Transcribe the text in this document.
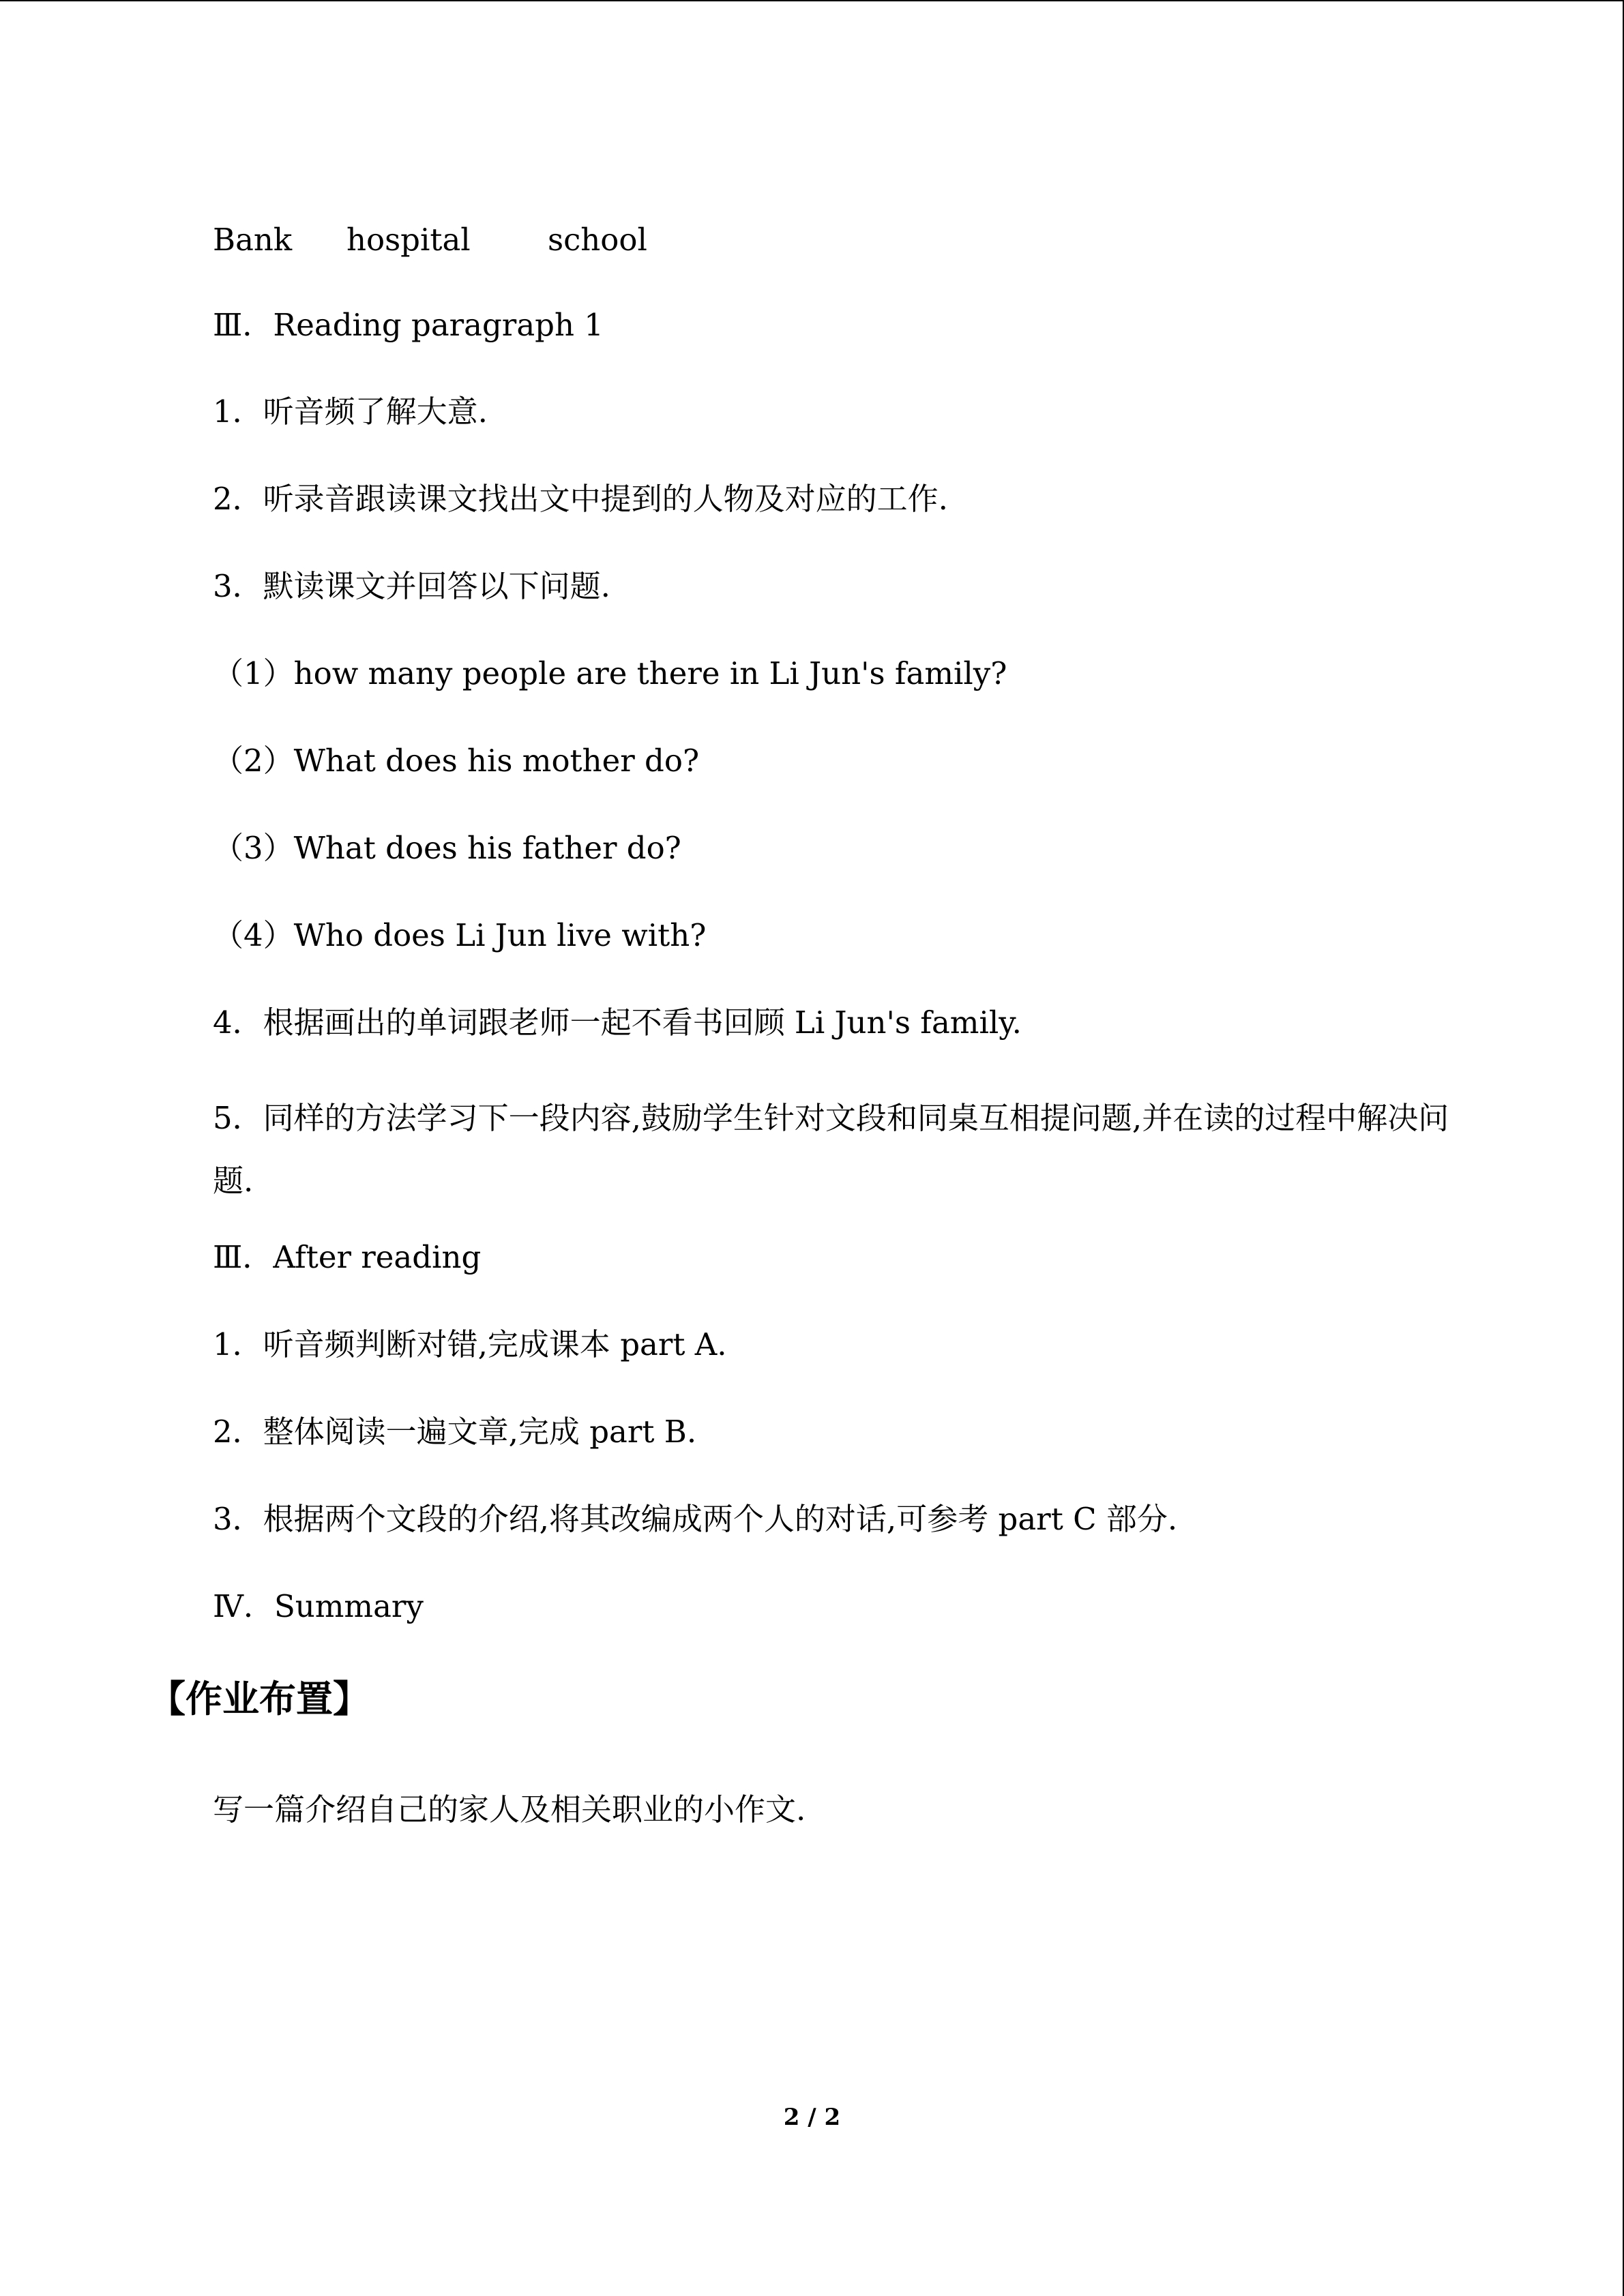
Bank hospital	school
Ⅲ．Reading paragraph 1
1．听音频了解大意.
2．听录音跟读课文找出文中提到的人物及对应的工作.
3．默读课文并回答以下问题.
（1）how many people are there in Li Jun's family?
（2）What does his mother do?
（3）What does his father do?
（4）Who does Li Jun live with?
4．根据画出的单词跟老师一起不看书回顾 Li Jun's family.
5．同样的方法学习下一段内容,鼓励学生针对文段和同桌互相提问题,并在读的过程中解决问题.
Ⅲ．After reading
1．听音频判断对错,完成课本 part A.
2．整体阅读一遍文章,完成 part B.
3．根据两个文段的介绍,将其改编成两个人的对话,可参考 part C 部分.
Ⅳ．Summary
【作业布置】
写一篇介绍自己的家人及相关职业的小作文.
2 / 2
